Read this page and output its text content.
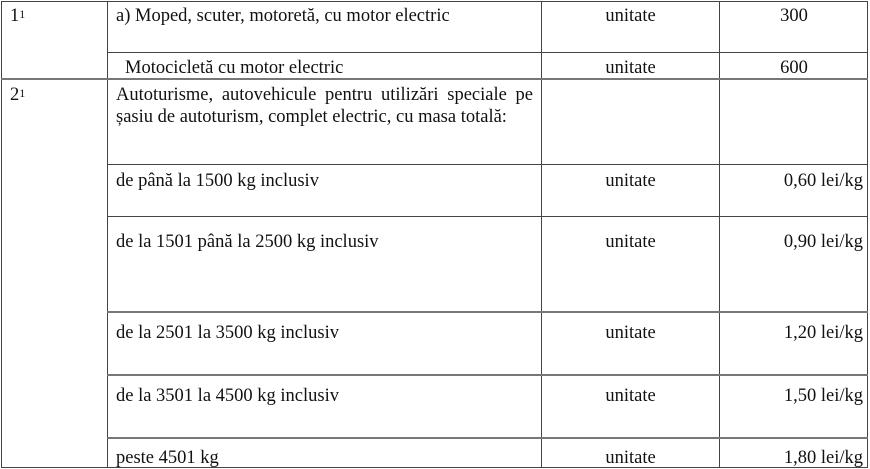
$1^1$	a) Moped, scuter, motoretă, cu motor electric	unitate	300
Motocicletă cu motor electric	unitate	600
$2^1$	Autoturisme, autovehicule pentru utilizări speciale pe șasiu de autoturism, complet electric, cu masa totală:
de până la 1500 kg inclusiv	unitate	0,60 lei/kg
de la 1501 până la 2500 kg inclusiv	unitate	0,90 lei/kg
de la 2501 la 3500 kg inclusiv	unitate	1,20 lei/kg
de la 3501 la 4500 kg inclusiv	unitate	1,50 lei/kg
peste 4501 kg	unitate	1,80 lei/kg
